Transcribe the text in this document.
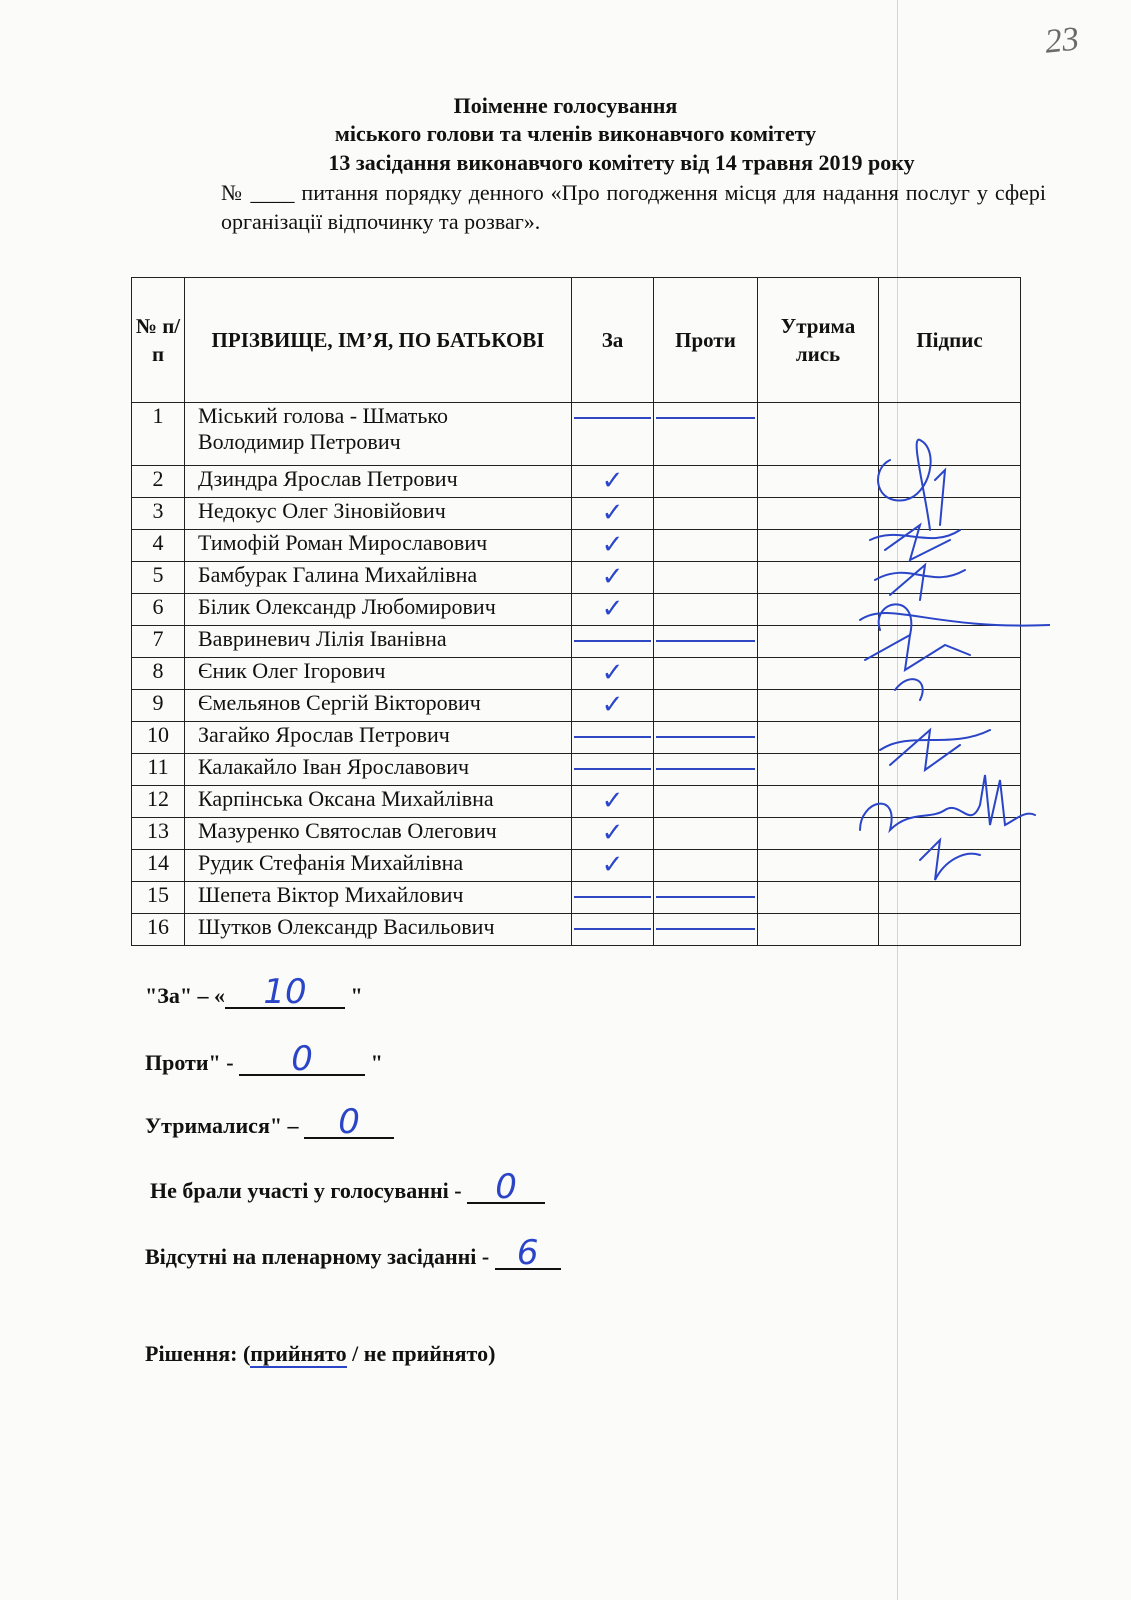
23
Поіменне голосування
міського голови та членів виконавчого комітету
13 засідання виконавчого комітету від 14 травня 2019 року
№ ____ питання порядку денного «Про погодження місця для надання послуг у сфері організації відпочинку та розваг».
№ п/п	ПРІЗВИЩЕ, ІМ’Я, ПО БАТЬКОВІ	За	Проти	Утрима лись	Підпис
1	Міський голова - Шматько
Володимир Петрович	

2	Дзиндра Ярослав Петрович	✓			

3	Недокус Олег Зіновійович	✓			

4	Тимофій Роман Мирославович	✓			

5	Бамбурак Галина Михайлівна	✓			

6	Білик Олександр Любомирович	✓			

7	Вавриневич Лілія Іванівна	

8	Єник Олег Ігорович	✓			

9	Ємельянов Сергій Вікторович	✓			

10	Загайко Ярослав Петрович	

11	Калакайло Іван Ярославович	

12	Карпінська Оксана Михайлівна	✓			

13	Мазуренко Святослав Олегович	✓			

14	Рудик Стефанія Михайлівна	✓			

15	Шепета Віктор Михайлович	

16	Шутков Олександр Васильович	

"За" – « 10 "
Проти" - 0	"
Утрималися" – 0
Не брали участі у голосуванні - 0
Відсутні на пленарному засіданні - 6
Рішення: (прийнято / не прийнято)
